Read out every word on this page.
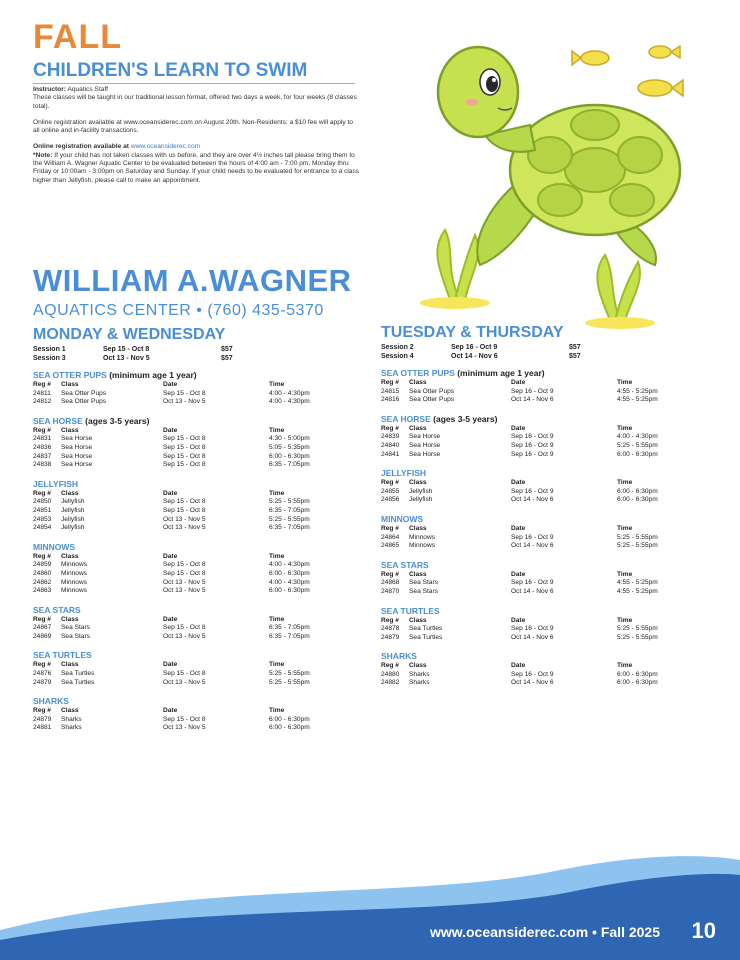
FALL
CHILDREN'S LEARN TO SWIM

Instructor: Aquatics Staff

These classes will be taught in our traditional lesson format, offered two days a week, for four weeks (8 classes total).

Online registration available at www.oceansiderec.com on August 20th. Non-Residents: a $10 fee will apply to all online and in-facility transactions.

Online registration available at www.oceansiderec.com

*Note: If your child has not taken classes with us before, and they are over 4½ inches tall please bring them to the William A. Wagner Aquatic Center to be evaluated between the hours of 4:00 am - 7:00 pm, Monday thru Friday or 10:00am - 3:00pm on Saturday and Sunday. If your child needs to be evaluated for entrance to a class higher than Jellyfish, please call to make an appointment.

WILLIAM A.WAGNER
AQUATICS CENTER • (760) 435-5370
MONDAY & WEDNESDAY
Session 1	Sep 15 - Oct 8	$57
Session 3	Oct 13 - Nov 5	$57
SEA OTTER PUPS (minimum age 1 year)
Reg #	Class	Date	Time
24811	Sea Otter Pups	Sep 15 - Oct 8	4:00 - 4:30pm
24812	Sea Otter Pups	Oct 13 - Nov 5	4:00 - 4:30pm
SEA HORSE (ages 3-5 years)
Reg #	Class	Date	Time
24831	Sea Horse	Sep 15 - Oct 8	4:30 - 5:00pm
24836	Sea Horse	Sep 15 - Oct 8	5:05 - 5:35pm
24837	Sea Horse	Sep 15 - Oct 8	6:00 - 6:30pm
24838	Sea Horse	Sep 15 - Oct 8	6:35 - 7:05pm
JELLYFISH
Reg #	Class	Date	Time
24850	Jellyfish	Sep 15 - Oct 8	5:25 - 5:55pm
24851	Jellyfish	Sep 15 - Oct 8	6:35 - 7:05pm
24853	Jellyfish	Oct 13 - Nov 5	5:25 - 5:55pm
24854	Jellyfish	Oct 13 - Nov 5	6:35 - 7:05pm
MINNOWS
Reg #	Class	Date	Time
24859	Minnows	Sep 15 - Oct 8	4:00 - 4:30pm
24860	Minnows	Sep 15 - Oct 8	6:00 - 6:30pm
24862	Minnows	Oct 13 - Nov 5	4:00 - 4:30pm
24863	Minnows	Oct 13 - Nov 5	6:00 - 6:30pm
SEA STARS
Reg #	Class	Date	Time
24867	Sea Stars	Sep 15 - Oct 8	6:35 - 7:05pm
24869	Sea Stars	Oct 13 - Nov 5	6:35 - 7:05pm
SEA TURTLES
Reg #	Class	Date	Time
24876	Sea Turtles	Sep 15 - Oct 8	5:25 - 5:55pm
24879	Sea Turtles	Oct 13 - Nov 5	5:25 - 5:55pm
SHARKS
Reg #	Class	Date	Time
24879	Sharks	Sep 15 - Oct 8	6:00 - 6:30pm
24881	Sharks	Oct 13 - Nov 5	6:00 - 6:30pm
TUESDAY & THURSDAY
Session 2	Sep 16 - Oct 9	$57
Session 4	Oct 14 - Nov 6	$57
SEA OTTER PUPS (minimum age 1 year)
Reg #	Class	Date	Time
24815	Sea Otter Pups	Sep 16 - Oct 9	4:55 - 5:25pm
24816	Sea Otter Pups	Oct 14 - Nov 6	4:55 - 5:25pm
SEA HORSE (ages 3-5 years)
Reg #	Class	Date	Time
24839	Sea Horse	Sep 16 - Oct 9	4:00 - 4:30pm
24840	Sea Horse	Sep 16 - Oct 9	5:25 - 5:55pm
24841	Sea Horse	Sep 16 - Oct 9	6:00 - 6:30pm
JELLYFISH
Reg #	Class	Date	Time
24855	Jellyfish	Sep 16 - Oct 9	6:00 - 6:30pm
24856	Jellyfish	Oct 14 - Nov 6	6:00 - 6:30pm
MINNOWS
Reg #	Class	Date	Time
24864	Minnows	Sep 16 - Oct 9	5:25 - 5:55pm
24865	Minnows	Oct 14 - Nov 6	5:25 - 5:55pm
SEA STARS
Reg #	Class	Date	Time
24868	Sea Stars	Sep 16 - Oct 9	4:55 - 5:25pm
24870	Sea Stars	Oct 14 - Nov 6	4:55 - 5:25pm
SEA TURTLES
Reg #	Class	Date	Time
24878	Sea Turtles	Sep 16 - Oct 9	5:25 - 5:55pm
24879	Sea Turtles	Oct 14 - Nov 6	5:25 - 5:55pm
SHARKS
Reg #	Class	Date	Time
24880	Sharks	Sep 16 - Oct 9	6:00 - 6:30pm
24882	Sharks	Oct 14 - Nov 6	6:00 - 6:30pm
www.oceansiderec.com • Fall 2025 10
